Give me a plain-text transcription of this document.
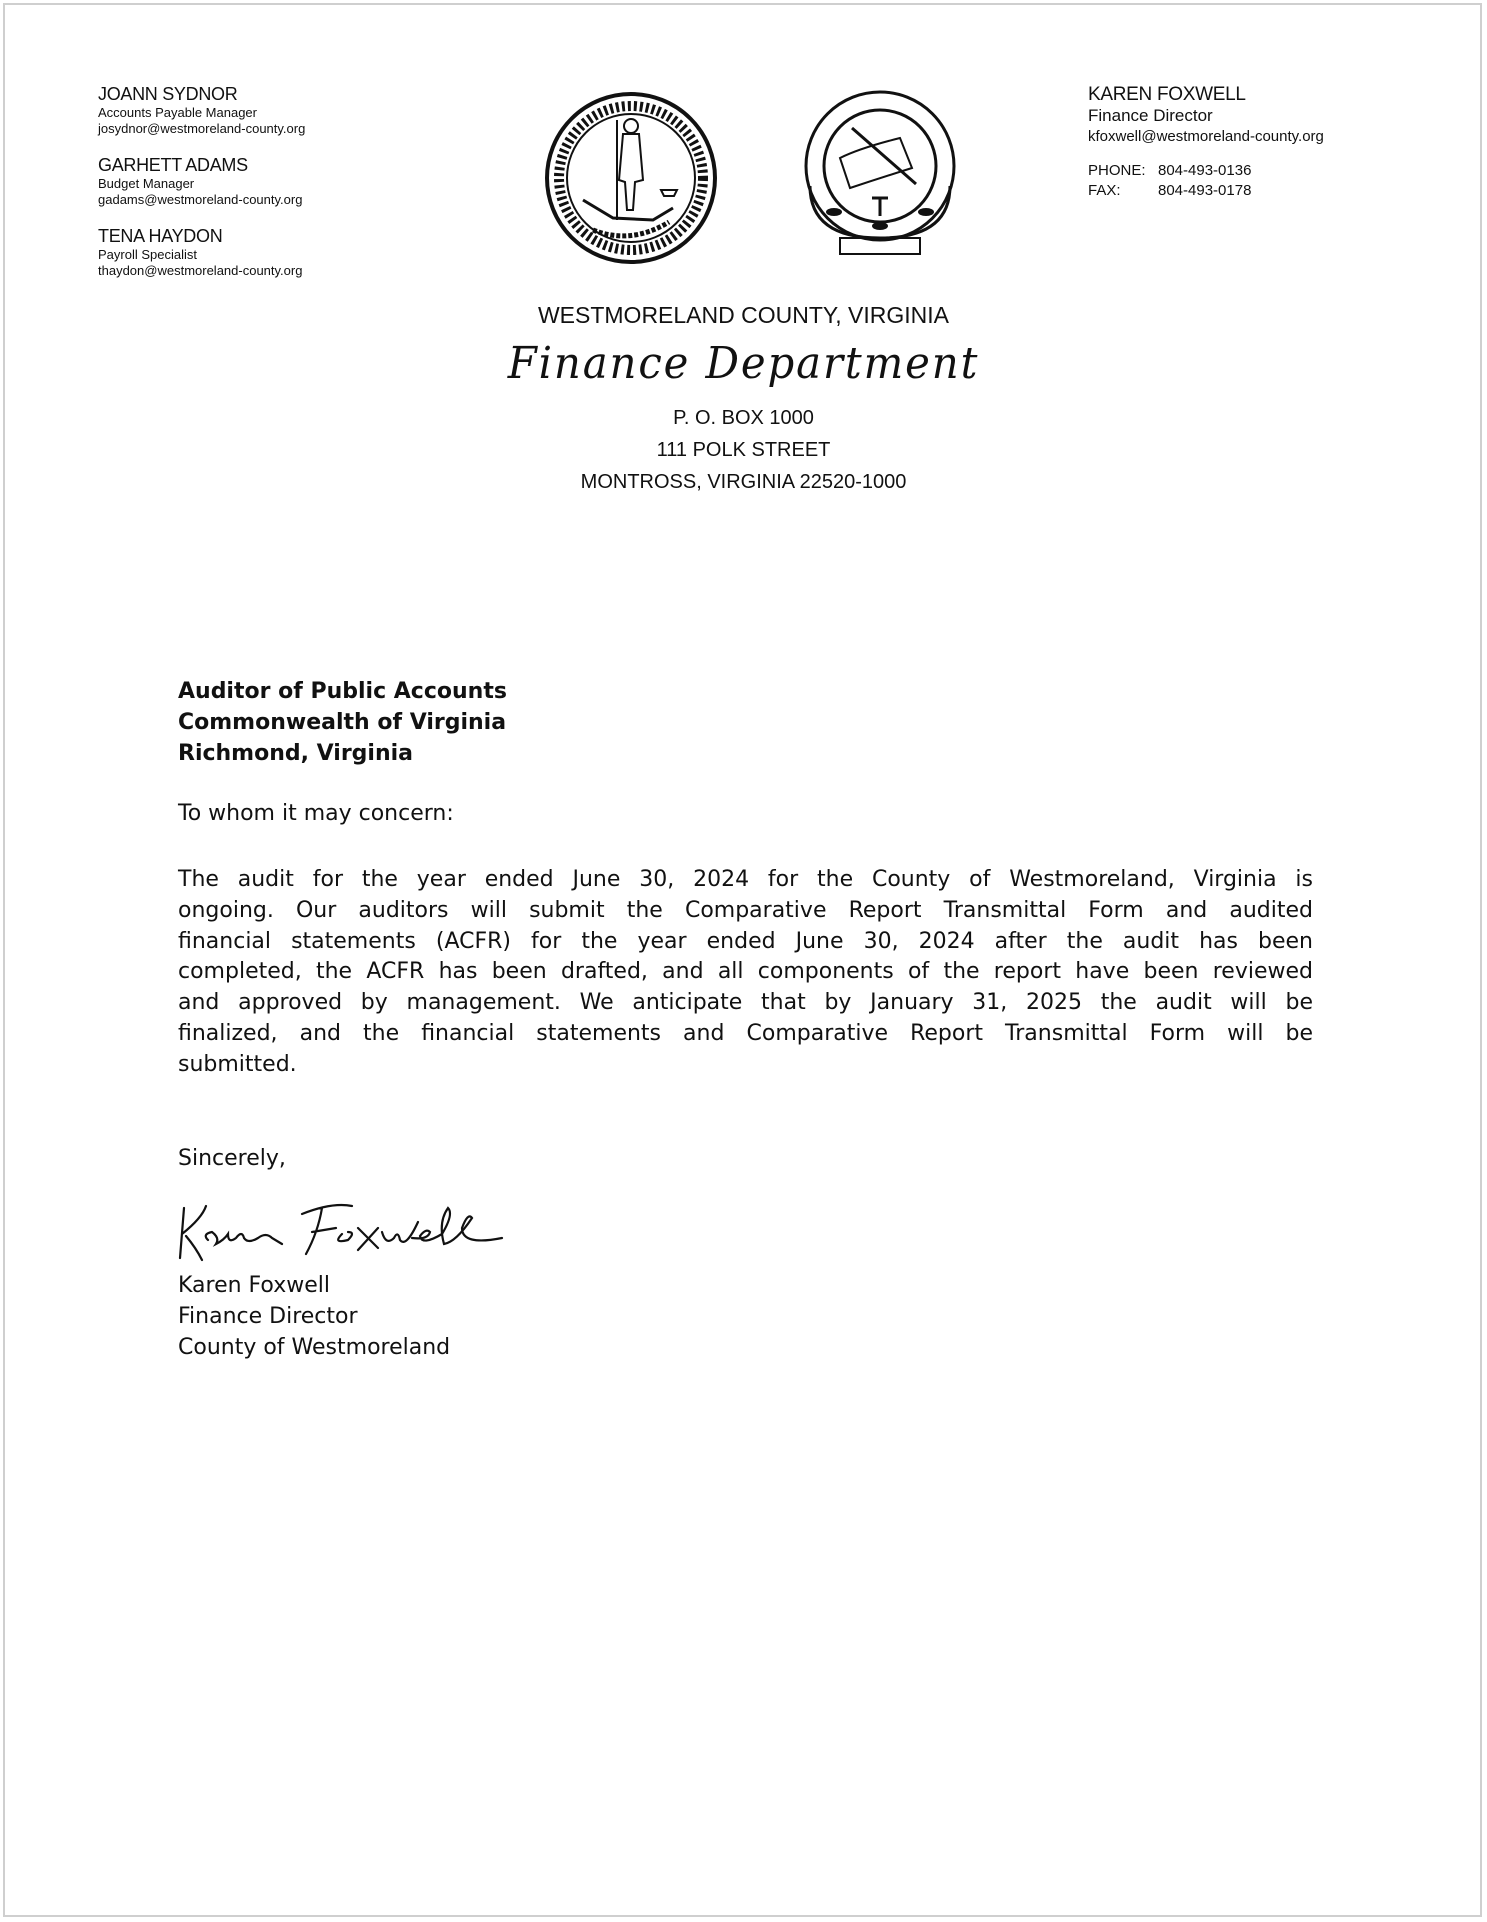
JOANN SYDNOR
Accounts Payable Manager
josydnor@westmoreland-county.org
GARHETT ADAMS
Budget Manager
gadams@westmoreland-county.org
TENA HAYDON
Payroll Specialist
thaydon@westmoreland-county.org
KAREN FOXWELL
Finance Director
kfoxwell@westmoreland-county.org
PHONE: 804-493-0136
FAX: 804-493-0178
WESTMORELAND COUNTY, VIRGINIA
Finance Department
P. O. BOX 1000
111 POLK STREET
MONTROSS, VIRGINIA 22520-1000
Auditor of Public Accounts
Commonwealth of Virginia
Richmond, Virginia
To whom it may concern:
The audit for the year ended June 30, 2024 for the County of Westmoreland, Virginia is
ongoing. Our auditors will submit the Comparative Report Transmittal Form and audited
financial statements (ACFR) for the year ended June 30, 2024 after the audit has been
completed, the ACFR has been drafted, and all components of the report have been reviewed
and approved by management. We anticipate that by January 31, 2025 the audit will be
finalized, and the financial statements and Comparative Report Transmittal Form will be
submitted.
Sincerely,
Karen Foxwell
Finance Director
County of Westmoreland
